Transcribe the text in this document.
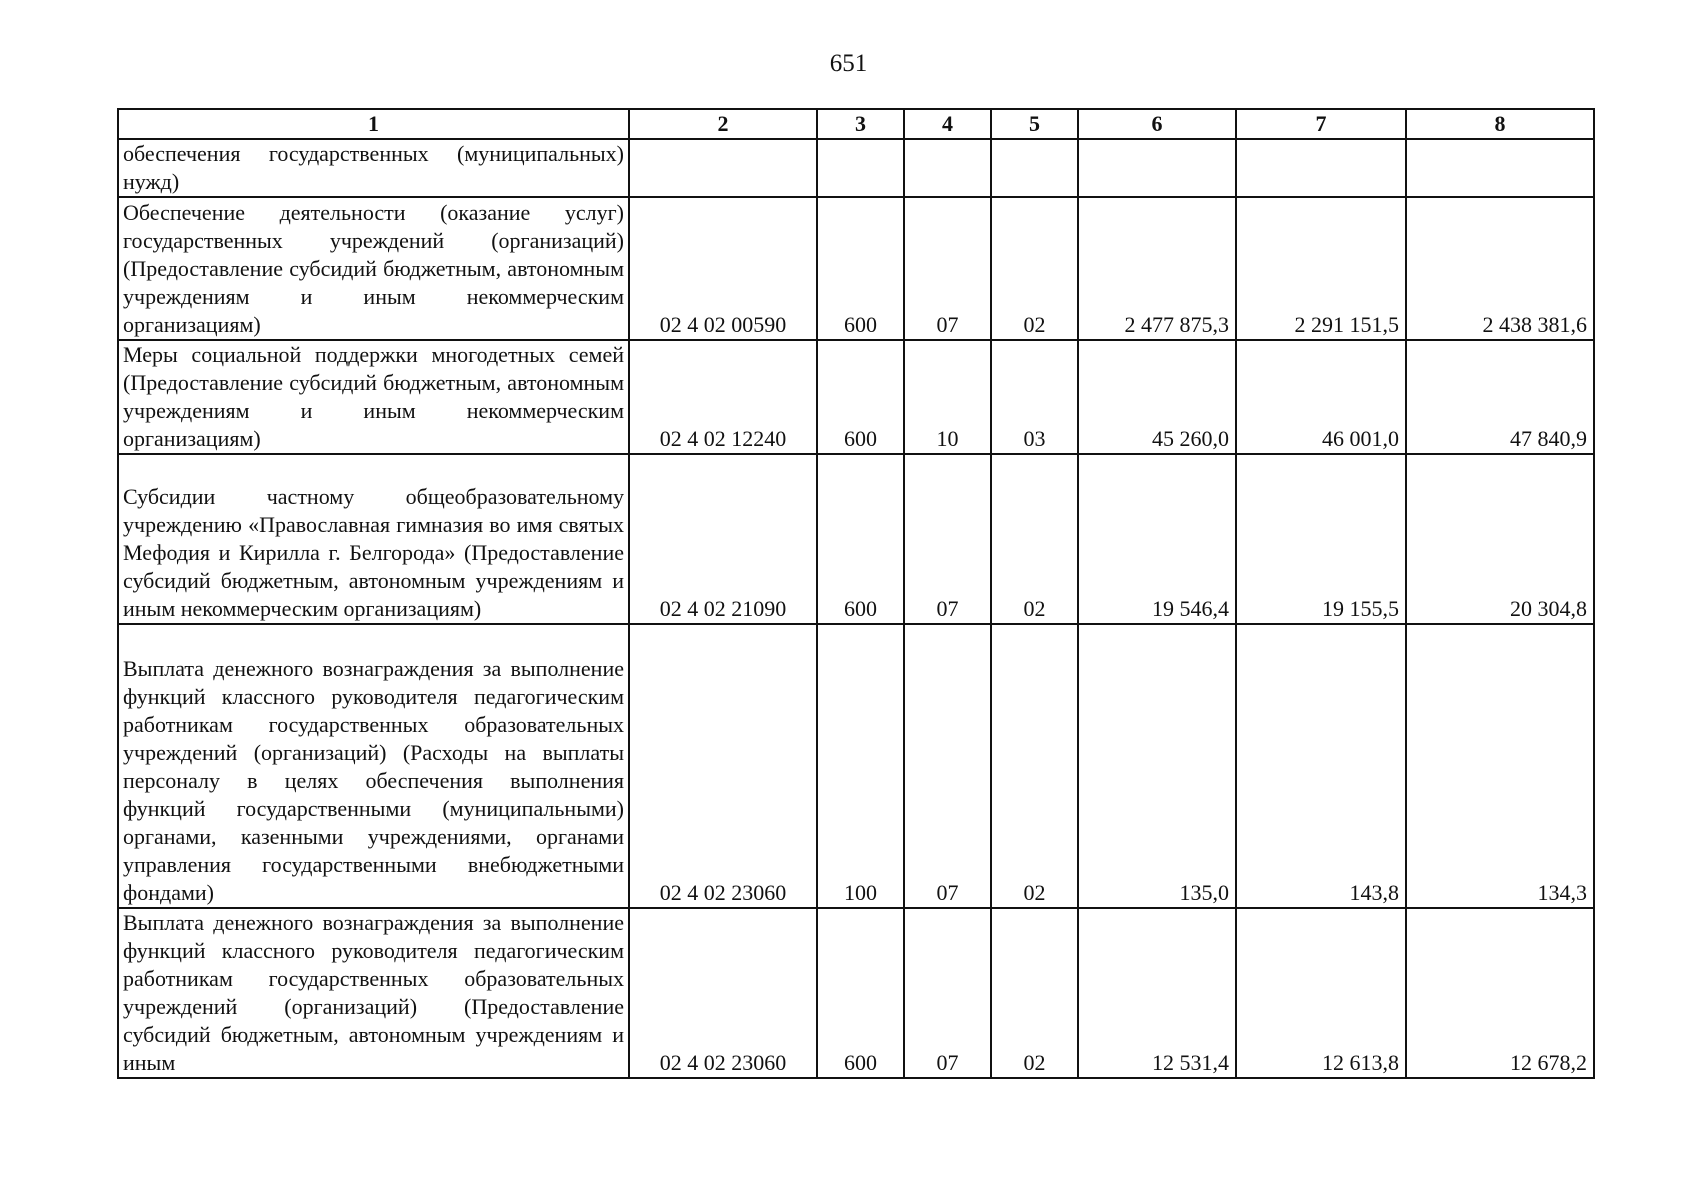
651
1	2	3	4	5	6	7	8
обеспечения государственных (муниципальных) нужд)							
Обеспечение деятельности (оказание услуг) государственных учреждений (организаций) (Предоставление субсидий бюджетным, автономным учреждениям и иным некоммерческим организациям)	02 4 02 00590	600	07	02	2 477 875,3	2 291 151,5	2 438 381,6
Меры социальной поддержки многодетных семей (Предоставление субсидий бюджетным, автономным учреждениям и иным некоммерческим организациям)	02 4 02 12240	600	10	03	45 260,0	46 001,0	47 840,9
Субсидии частному общеобразовательному учреждению «Православная гимназия во имя святых Мефодия и Кирилла г. Белгорода» (Предоставление субсидий бюджетным, автономным учреждениям и иным некоммерческим организациям)	02 4 02 21090	600	07	02	19 546,4	19 155,5	20 304,8
Выплата денежного вознаграждения за выполнение функций классного руководителя педагогическим работникам государственных образовательных учреждений (организаций) (Расходы на выплаты персоналу в целях обеспечения выполнения функций государственными (муниципальными) органами, казенными учреждениями, органами управления государственными внебюджетными фондами)	02 4 02 23060	100	07	02	135,0	143,8	134,3
Выплата денежного вознаграждения за выполнение функций классного руководителя педагогическим работникам государственных образовательных учреждений (организаций) (Предоставление субсидий бюджетным, автономным учреждениям и иным	02 4 02 23060	600	07	02	12 531,4	12 613,8	12 678,2
